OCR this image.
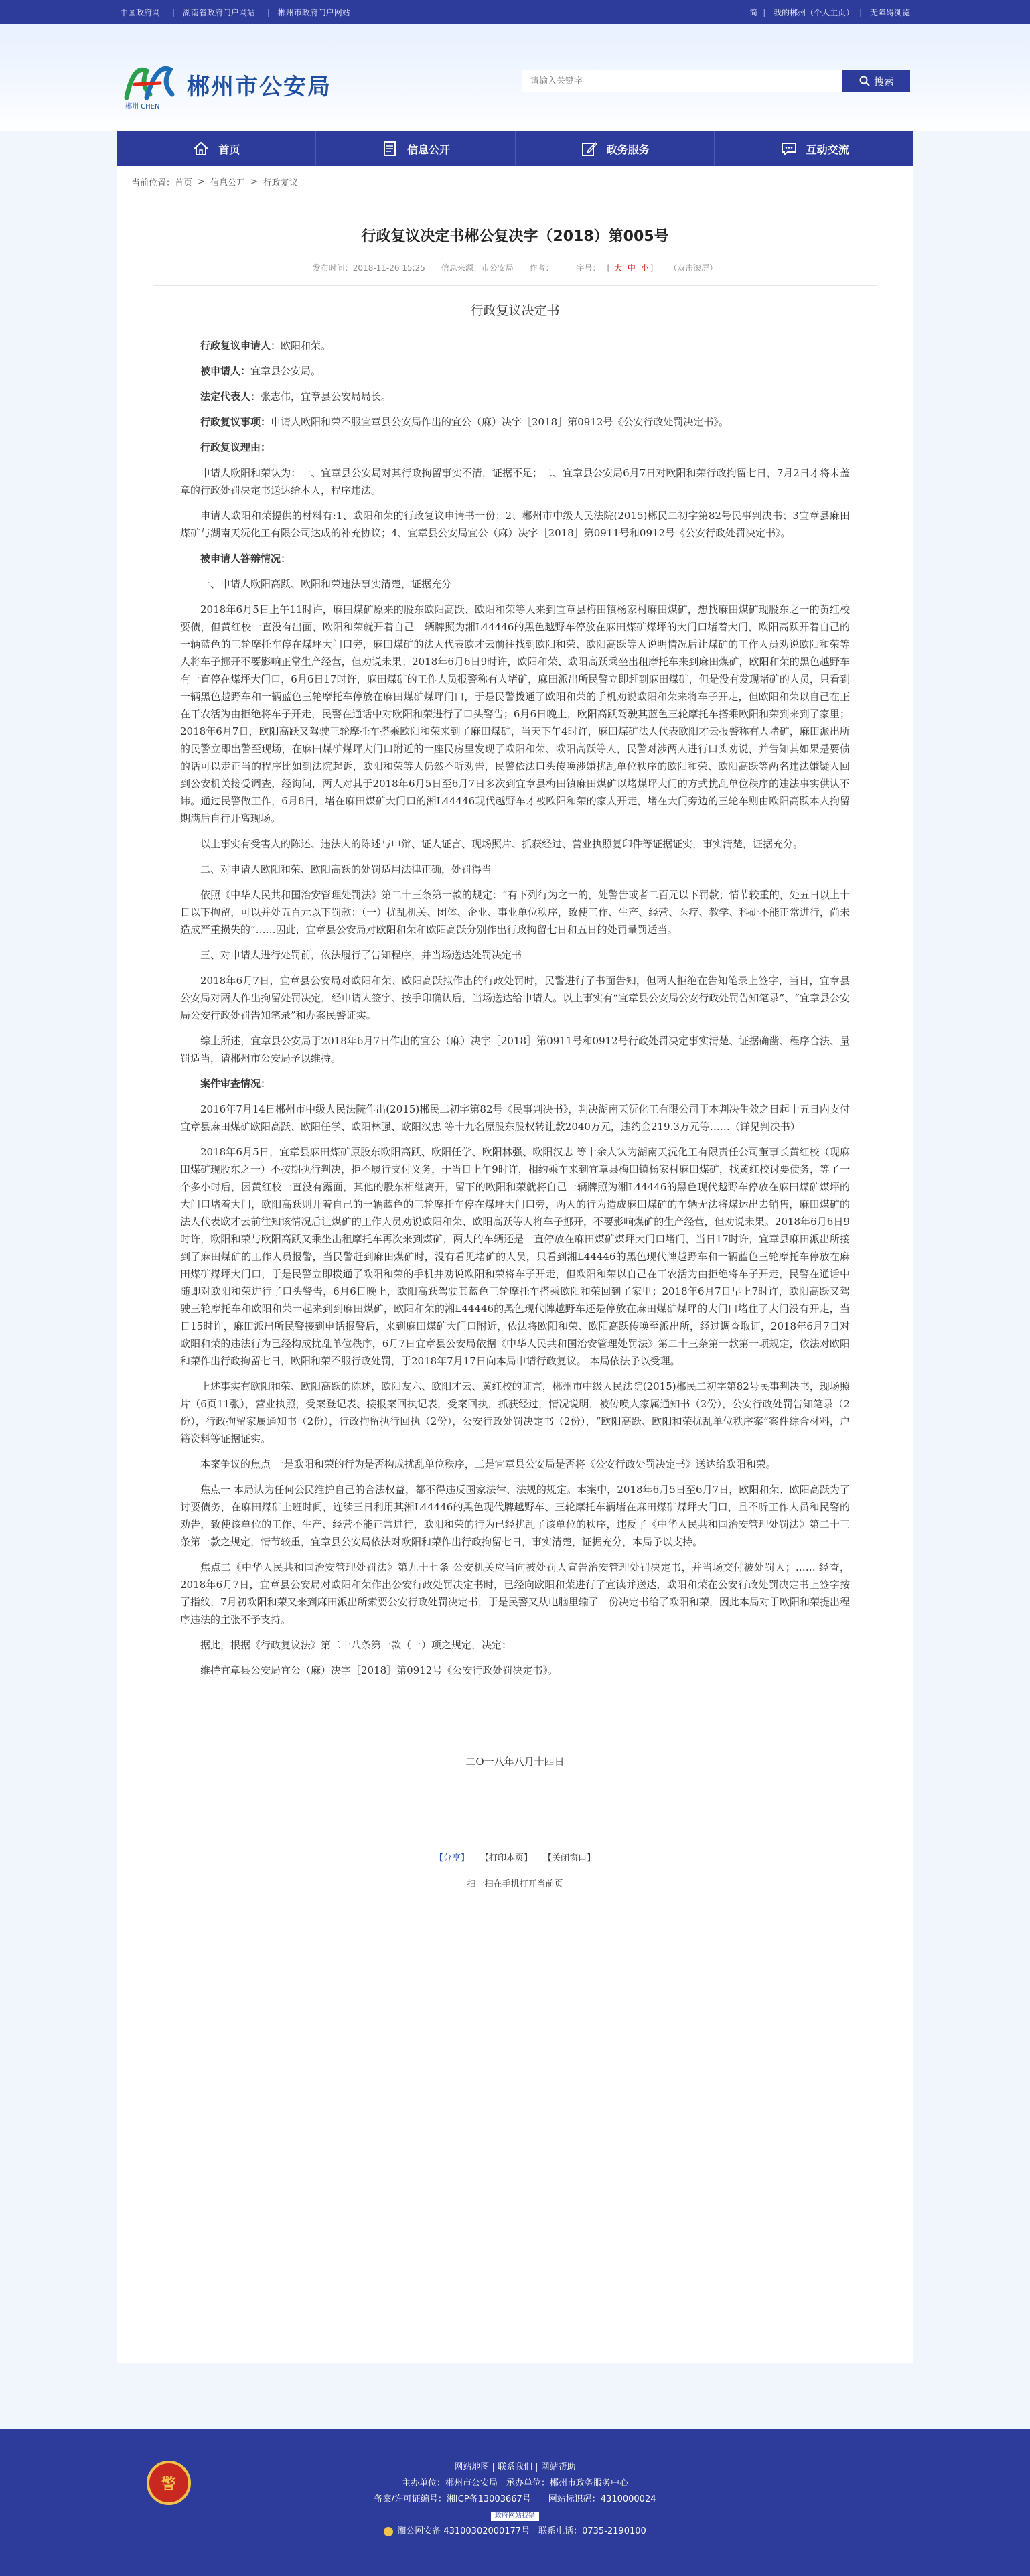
中国政府网 | 湖南省政府门户网站 | 郴州市政府门户网站	简 | 我的郴州（个人主页） | 无障碍浏览
郴州 CHEN
郴州市公安局
请输入关键字	搜索
首页	信息公开	政务服务	互动交流
当前位置： 首页 > 信息公开 > 行政复议
行政复议决定书郴公复决字（2018）第005号
发布时间：2018-11-26 15:25 信息来源：市公安局 作者：	字号： [ 大 中 小 ] （双击滚屏）
行政复议决定书

行政复议申请人：欧阳和荣。

被申请人：宜章县公安局。

法定代表人：张志伟，宜章县公安局局长。

行政复议事项：申请人欧阳和荣不服宜章县公安局作出的宜公（麻）决字［2018］第0912号《公安行政处罚决定书》。

行政复议理由：

申请人欧阳和荣认为：一、宜章县公安局对其行政拘留事实不清，证据不足；二、宜章县公安局6月7日对欧阳和荣行政拘留七日，7月2日才将未盖章的行政处罚决定书送达给本人，程序违法。

申请人欧阳和荣提供的材料有:1、欧阳和荣的行政复议申请书一份；2、郴州市中级人民法院(2015)郴民二初字第82号民事判决书；3宜章县麻田煤矿与湖南天沅化工有限公司达成的补充协议；4、宜章县公安局宜公（麻）决字［2018］第0911号和0912号《公安行政处罚决定书》。

被申请人答辩情况：

一、申请人欧阳高跃、欧阳和荣违法事实清楚，证据充分

2018年6月5日上午11时许，麻田煤矿原来的股东欧阳高跃、欧阳和荣等人来到宜章县梅田镇杨家村麻田煤矿，想找麻田煤矿现股东之一的黄红校要债，但黄红校一直没有出面，欧阳和荣就开着自己一辆牌照为湘L44446的黑色越野车停放在麻田煤矿煤坪的大门口堵着大门，欧阳高跃开着自己的一辆蓝色的三轮摩托车停在煤坪大门口旁，麻田煤矿的法人代表欧才云前往找到欧阳和荣、欧阳高跃等人说明情况后让煤矿的工作人员劝说欧阳和荣等人将车子挪开不要影响正常生产经营，但劝说未果；2018年6月6日9时许，欧阳和荣、欧阳高跃乘坐出租摩托车来到麻田煤矿，欧阳和荣的黑色越野车有一直停在煤坪大门口，6月6日17时许，麻田煤矿的工作人员报警称有人堵矿，麻田派出所民警立即赶到麻田煤矿，但是没有发现堵矿的人员，只看到一辆黑色越野车和一辆蓝色三轮摩托车停放在麻田煤矿煤坪门口，于是民警拨通了欧阳和荣的手机劝说欧阳和荣来将车子开走，但欧阳和荣以自己在正在干农活为由拒绝将车子开走，民警在通话中对欧阳和荣进行了口头警告；6月6日晚上，欧阳高跃驾驶其蓝色三轮摩托车搭乘欧阳和荣到来到了家里；2018年6月7日，欧阳高跃又驾驶三轮摩托车搭乘欧阳和荣来到了麻田煤矿，当天下午4时许，麻田煤矿法人代表欧阳才云报警称有人堵矿，麻田派出所的民警立即出警至现场，在麻田煤矿煤坪大门口附近的一座民房里发现了欧阳和荣、欧阳高跃等人，民警对涉两人进行口头劝说，并告知其如果是要债的话可以走正当的程序比如到法院起诉，欧阳和荣等人仍然不听劝告，民警依法口头传唤涉嫌扰乱单位秩序的欧阳和荣、欧阳高跃等两名违法嫌疑人回到公安机关接受调查，经询问，两人对其于2018年6月5日至6月7日多次到宜章县梅田镇麻田煤矿以堵煤坪大门的方式扰乱单位秩序的违法事实供认不讳。通过民警做工作，6月8日，堵在麻田煤矿大门口的湘L44446现代越野车才被欧阳和荣的家人开走，堵在大门旁边的三轮车则由欧阳高跃本人拘留期满后自行开离现场。

以上事实有受害人的陈述、违法人的陈述与申辩、证人证言、现场照片、抓获经过、营业执照复印件等证据证实，事实清楚，证据充分。

二、对申请人欧阳和荣、欧阳高跃的处罚适用法律正确，处罚得当

依照《中华人民共和国治安管理处罚法》第二十三条第一款的规定：“有下列行为之一的，处警告或者二百元以下罚款；情节较重的，处五日以上十日以下拘留，可以并处五百元以下罚款：（一）扰乱机关、团体、企业、事业单位秩序，致使工作、生产、经营、医疗、教学、科研不能正常进行，尚未造成严重损失的”……因此，宜章县公安局对欧阳和荣和欧阳高跃分别作出行政拘留七日和五日的处罚量罚适当。

三、对申请人进行处罚前，依法履行了告知程序，并当场送达处罚决定书

2018年6月7日，宜章县公安局对欧阳和荣、欧阳高跃拟作出的行政处罚时，民警进行了书面告知，但两人拒绝在告知笔录上签字，当日，宜章县公安局对两人作出拘留处罚决定，经申请人签字、按手印确认后，当场送达给申请人。以上事实有“宜章县公安局公安行政处罚告知笔录”、“宜章县公安局公安行政处罚告知笔录”和办案民警证实。

综上所述，宜章县公安局于2018年6月7日作出的宜公（麻）决字［2018］第0911号和0912号行政处罚决定事实清楚、证据确凿、程序合法、量罚适当，请郴州市公安局予以维持。

案件审查情况：

2016年7月14日郴州市中级人民法院作出(2015)郴民二初字第82号《民事判决书》，判决湖南天沅化工有限公司于本判决生效之日起十五日内支付宜章县麻田煤矿欧阳高跃、欧阳任学、欧阳林强、欧阳汉忠 等十九名原股东股权转让款2040万元，违约金219.3万元等……（详见判决书）

2018年6月5日，宜章县麻田煤矿原股东欧阳高跃、欧阳任学、欧阳林强、欧阳汉忠 等十余人认为湖南天沅化工有限责任公司董事长黄红校（现麻田煤矿现股东之一）不按期执行判决，拒不履行支付义务，于当日上午9时许，相约乘车来到宜章县梅田镇杨家村麻田煤矿，找黄红校讨要债务，等了一个多小时后，因黄红校一直没有露面，其他的股东相继离开，留下的欧阳和荣就将自己一辆牌照为湘L44446的黑色现代越野车停放在麻田煤矿煤坪的大门口堵着大门，欧阳高跃则开着自己的一辆蓝色的三轮摩托车停在煤坪大门口旁，两人的行为造成麻田煤矿的车辆无法将煤运出去销售，麻田煤矿的法人代表欧才云前往知该情况后让煤矿的工作人员劝说欧阳和荣、欧阳高跃等人将车子挪开，不要影响煤矿的生产经营，但劝说未果。2018年6月6日9时许，欧阳和荣与欧阳高跃又乘坐出租摩托车再次来到煤矿，两人的车辆还是一直停放在麻田煤矿煤坪大门口堵门，当日17时许，宜章县麻田派出所接到了麻田煤矿的工作人员报警，当民警赶到麻田煤矿时，没有看见堵矿的人员，只看到湘L44446的黑色现代牌越野车和一辆蓝色三轮摩托车停放在麻田煤矿煤坪大门口，于是民警立即拨通了欧阳和荣的手机并劝说欧阳和荣将车子开走，但欧阳和荣以自己在干农活为由拒绝将车子开走，民警在通话中随即对欧阳和荣进行了口头警告，6月6日晚上，欧阳高跃驾驶其蓝色三轮摩托车搭乘欧阳和荣回到了家里；2018年6月7日早上7时许，欧阳高跃又驾驶三轮摩托车和欧阳和荣一起来到到麻田煤矿，欧阳和荣的湘L44446的黑色现代牌越野车还是停放在麻田煤矿煤坪的大门口堵住了大门没有开走，当日15时许，麻田派出所民警接到电话报警后，来到麻田煤矿大门口附近，依法将欧阳和荣、欧阳高跃传唤至派出所，经过调查取证，2018年6月7日对欧阳和荣的违法行为已经构成扰乱单位秩序，6月7日宜章县公安局依据《中华人民共和国治安管理处罚法》第二十三条第一款第一项规定，依法对欧阳和荣作出行政拘留七日，欧阳和荣不服行政处罚，于2018年7月17日向本局申请行政复议。 本局依法予以受理。

上述事实有欧阳和荣、欧阳高跃的陈述，欧阳友六、欧阳才云、黄红校的证言，郴州市中级人民法院(2015)郴民二初字第82号民事判决书，现场照片（6页11张），营业执照，受案登记表、接报案回执记表，受案回执，抓获经过，情况说明，被传唤人家属通知书（2份），公安行政处罚告知笔录（2份），行政拘留家属通知书（2份），行政拘留执行回执（2份），公安行政处罚决定书（2份），“欧阳高跃、欧阳和荣扰乱单位秩序案”案件综合材料，户籍资料等证据证实。

本案争议的焦点 一是欧阳和荣的行为是否构成扰乱单位秩序，二是宜章县公安局是否将《公安行政处罚决定书》送达给欧阳和荣。

焦点一 本局认为任何公民维护自己的合法权益，都不得违反国家法律、法规的规定。本案中，2018年6月5日至6月7日，欧阳和荣、欧阳高跃为了讨要债务，在麻田煤矿上班时间，连续三日利用其湘L44446的黑色现代牌越野车、三轮摩托车辆堵在麻田煤矿煤坪大门口，且不听工作人员和民警的劝告，致使该单位的工作、生产、经营不能正常进行，欧阳和荣的行为已经扰乱了该单位的秩序，违反了《中华人民共和国治安管理处罚法》第二十三条第一款之规定，情节较重，宜章县公安局依法对欧阳和荣作出行政拘留七日，事实清楚，证据充分，本局予以支持。

焦点二《中华人民共和国治安管理处罚法》第九十七条 公安机关应当向被处罚人宣告治安管理处罚决定书，并当场交付被处罚人；…… 经查，2018年6月7日，宜章县公安局对欧阳和荣作出公安行政处罚决定书时，已经向欧阳和荣进行了宣读并送达，欧阳和荣在公安行政处罚决定书上签字按了指纹，7月初欧阳和荣又来到麻田派出所索要公安行政处罚决定书，于是民警又从电脑里输了一份决定书给了欧阳和荣，因此本局对于欧阳和荣提出程序违法的主张不予支持。

据此，根据《行政复议法》第二十八条第一款（一）项之规定，决定：

维持宜章县公安局宜公（麻）决字［2018］第0912号《公安行政处罚决定书》。

二O一八年八月十四日

【分享】 【打印本页】 【关闭窗口】
扫一扫在手机打开当前页
警
网站地图 | 联系我们 | 网站帮助
主办单位：郴州市公安局　承办单位：郴州市政务服务中心
备案/许可证编号：湘ICP备13003667号　　网站标识码：4310000024
政府网站找错
湘公网安备 43100302000177号　联系电话：0735-2190100
